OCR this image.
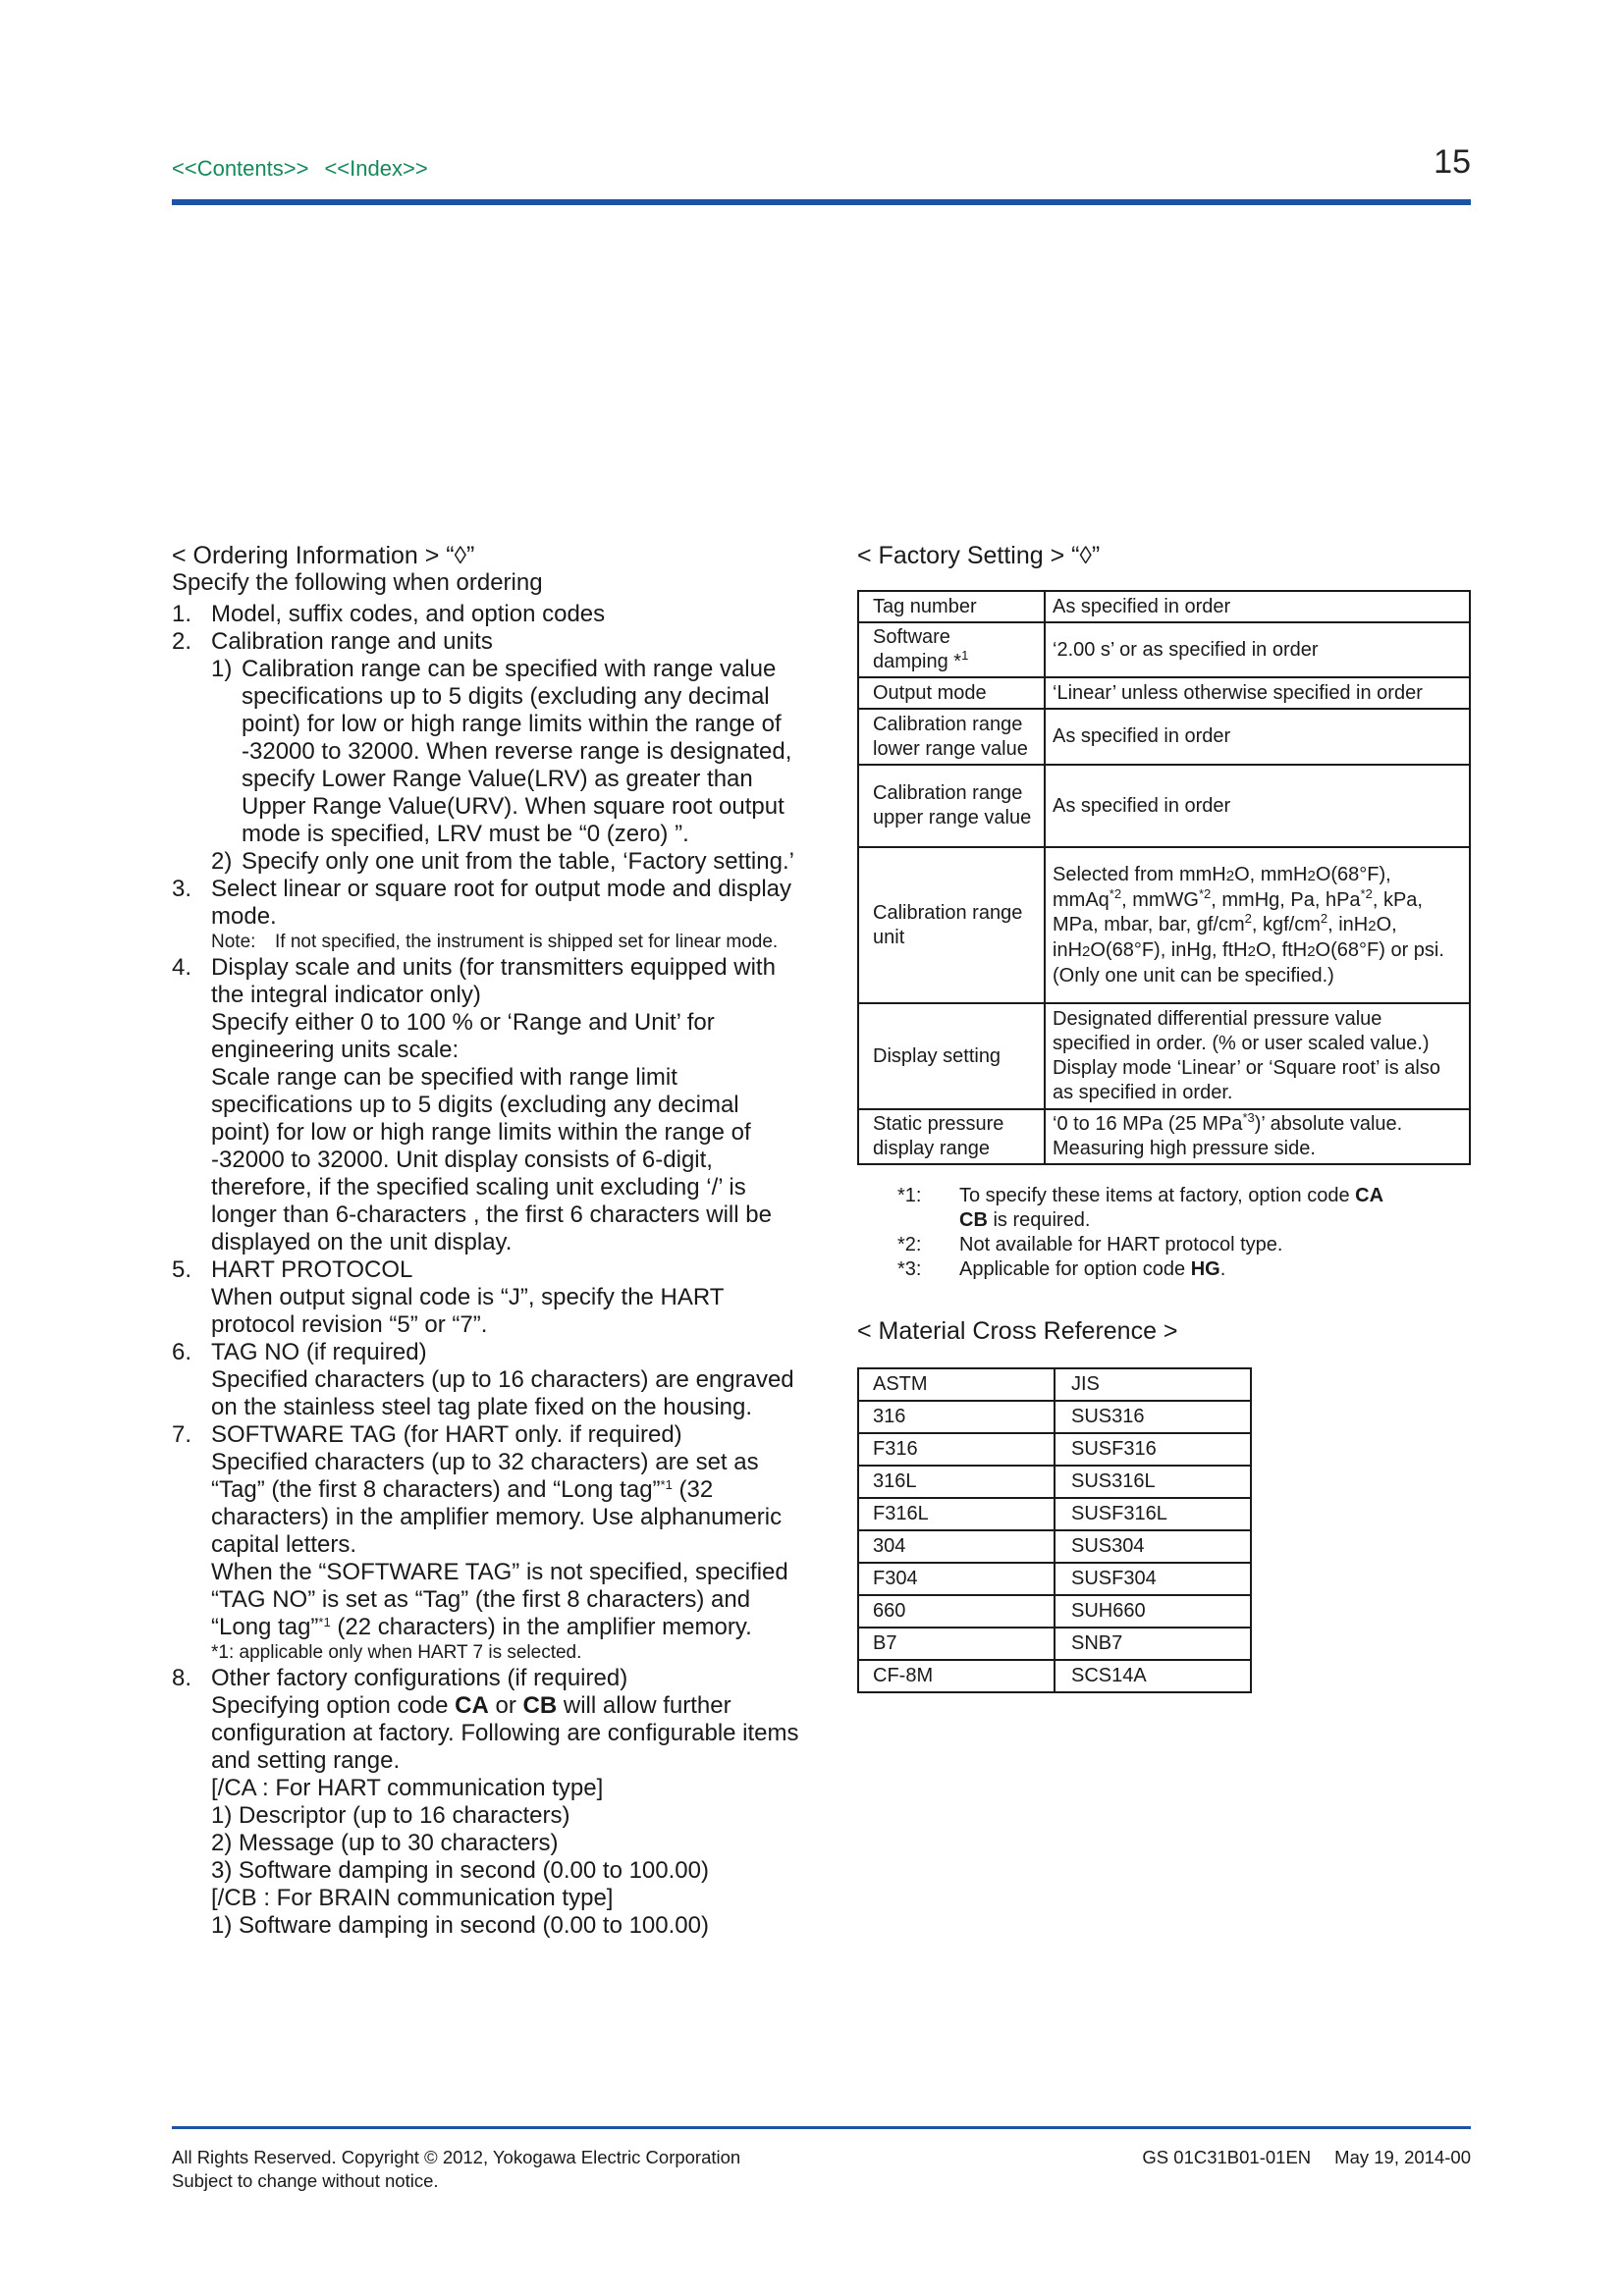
<<Contents>> <<Index>>	15
< Ordering Information > “◊”
Specify the following when ordering
1. Model, suffix codes, and option codes
2. Calibration range and units
1) Calibration range can be specified with range value specifications up to 5 digits (excluding any decimal point) for low or high range limits within the range of -32000 to 32000. When reverse range is designated, specify Lower Range Value(LRV) as greater than Upper Range Value(URV). When square root output mode is specified, LRV must be “0 (zero) ”.
2) Specify only one unit from the table, ‘Factory setting.’
3. Select linear or square root for output mode and display mode.
Note: If not specified, the instrument is shipped set for linear mode.
4. Display scale and units (for transmitters equipped with the integral indicator only)
Specify either 0 to 100 % or ‘Range and Unit’ for engineering units scale:
Scale range can be specified with range limit specifications up to 5 digits (excluding any decimal point) for low or high range limits within the range of -32000 to 32000. Unit display consists of 6-digit, therefore, if the specified scaling unit excluding ‘/’ is longer than 6-characters , the first 6 characters will be displayed on the unit display.
5. HART PROTOCOL
When output signal code is “J”, specify the HART protocol revision “5” or “7”.
6. TAG NO (if required)
Specified characters (up to 16 characters) are engraved on the stainless steel tag plate fixed on the housing.
7. SOFTWARE TAG (for HART only. if required)
Specified characters (up to 32 characters) are set as “Tag” (the first 8 characters) and “Long tag”$^{*1}$ (32 characters) in the amplifier memory. Use alphanumeric capital letters.
When the “SOFTWARE TAG” is not specified, specified “TAG NO” is set as “Tag” (the first 8 characters) and “Long tag”$^{*1}$ (22 characters) in the amplifier memory.
*1: applicable only when HART 7 is selected.
8. Other factory configurations (if required)
Specifying option code CA or CB will allow further configuration at factory. Following are configurable items and setting range.
[/CA : For HART communication type]
1) Descriptor (up to 16 characters)
2) Message (up to 30 characters)
3) Software damping in second (0.00 to 100.00)
[/CB : For BRAIN communication type]
1) Software damping in second (0.00 to 100.00)
< Factory Setting > “◊”
Tag number	As specified in order
Software
damping *$^1$	‘2.00 s’ or as specified in order
Output mode	‘Linear’ unless otherwise specified in order
Calibration range lower range value	As specified in order
Calibration range upper range value	As specified in order
Calibration range unit	Selected from mmH2O, mmH2O(68°F), mmAq$^{*2}$, mmWG$^{*2}$, mmHg, Pa, hPa$^{*2}$, kPa, MPa, mbar, bar, $gf/cm^2$, kgf/$cm^2$, inH2O, inH2O(68°F), inHg, ftH2O, ftH2O(68°F) or psi. (Only one unit can be specified.)
Display setting	Designated differential pressure value specified in order. (% or user scaled value.) Display mode ‘Linear’ or ‘Square root’ is also as specified in order.
Static pressure display range	‘0 to 16 MPa (25 MPa$^{*3}$)’ absolute value. Measuring high pressure side.
*1: To specify these items at factory, option code CA
CB is required.
*2: Not available for HART protocol type.
*3: Applicable for option code HG.
< Material Cross Reference >
ASTM	JIS
316	SUS316
F316	SUSF316
316L	SUS316L
F316L	SUSF316L
304	SUS304
F304	SUSF304
660	SUH660
B7	SNB7
CF-8M	SCS14A
All Rights Reserved. Copyright © 2012, Yokogawa Electric Corporation
Subject to change without notice.
GS 01C31B01-01EN May 19, 2014-00
